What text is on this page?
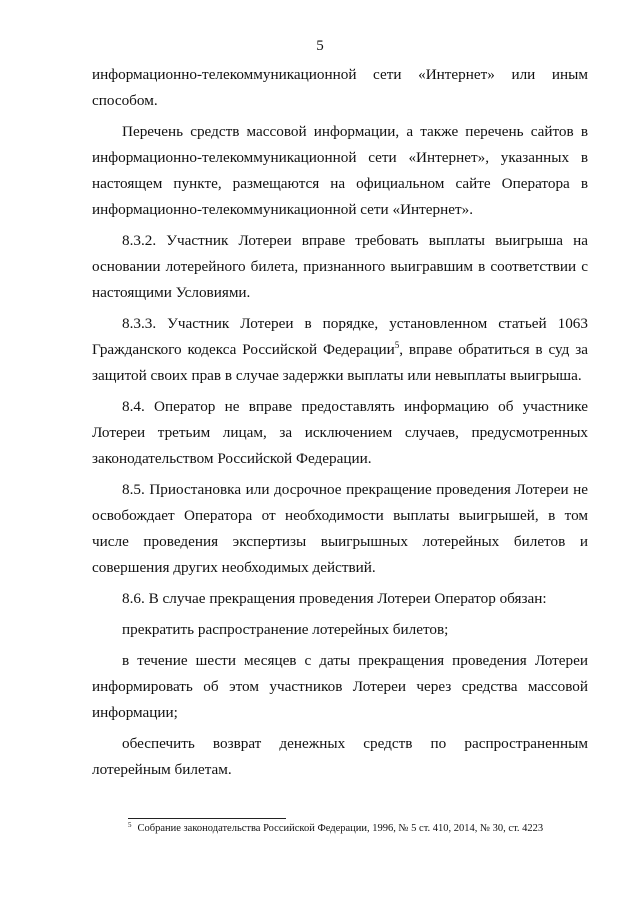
5

информационно-телекоммуникационной сети «Интернет» или иным способом.

Перечень средств массовой информации, а также перечень сайтов в информационно-телекоммуникационной сети «Интернет», указанных в настоящем пункте, размещаются на официальном сайте Оператора в информационно-телекоммуникационной сети «Интернет».

8.3.2. Участник Лотереи вправе требовать выплаты выигрыша на основании лотерейного билета, признанного выигравшим в соответствии с настоящими Условиями.

8.3.3. Участник Лотереи в порядке, установленном статьей 1063 Гражданского кодекса Российской Федерации$^5$, вправе обратиться в суд за защитой своих прав в случае задержки выплаты или невыплаты выигрыша.

8.4. Оператор не вправе предоставлять информацию об участнике Лотереи третьим лицам, за исключением случаев, предусмотренных законодательством Российской Федерации.

8.5. Приостановка или досрочное прекращение проведения Лотереи не освобождает Оператора от необходимости выплаты выигрышей, в том числе проведения экспертизы выигрышных лотерейных билетов и совершения других необходимых действий.

8.6. В случае прекращения проведения Лотереи Оператор обязан:

прекратить распространение лотерейных билетов;

в течение шести месяцев с даты прекращения проведения Лотереи информировать об этом участников Лотереи через средства массовой информации;

обеспечить возврат денежных средств по распространенным лотерейным билетам.

$^5$ Собрание законодательства Российской Федерации, 1996, № 5 ст. 410, 2014, № 30, ст. 4223
